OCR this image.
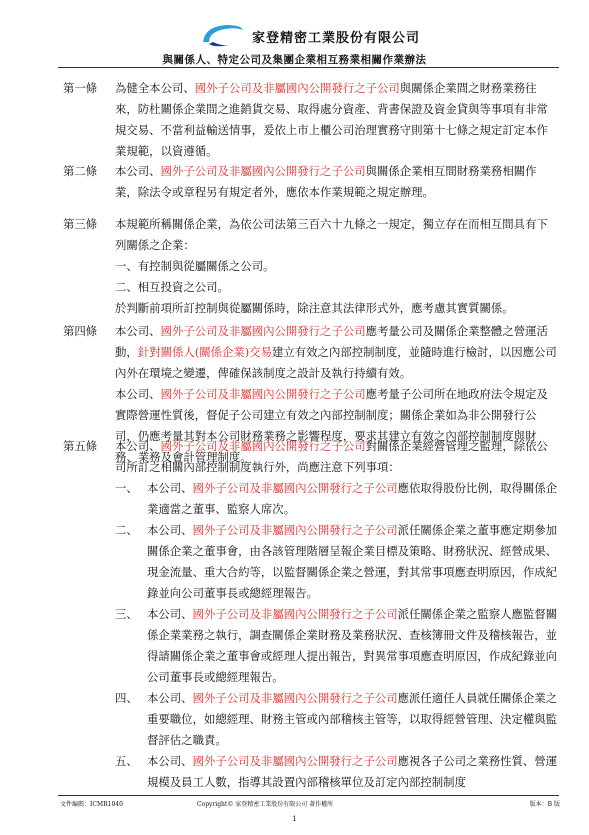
家登精密工業股份有限公司
與關係人、特定公司及集團企業相互務業相關作業辦法
第一條	為健全本公司、國外子公司及非屬國內公開發行之子公司與關係企業間之財務業務往來，防杜關係企業間之進銷貨交易、取得處分資產、背書保證及資金貸與等事項有非常規交易、不當利益輸送情事，爰依上市上櫃公司治理實務守則第十七條之規定訂定本作業規範，以資遵循。
第二條	本公司、國外子公司及非屬國內公開發行之子公司與關係企業相互間財務業務相關作業，除法令或章程另有規定者外，應依本作業規範之規定辦理。
第三條	本規範所稱關係企業，為依公司法第三百六十九條之一規定，獨立存在而相互間具有下列關係之企業：
一、有控制與從屬關係之公司。
二、相互投資之公司。
於判斷前項所訂控制與從屬關係時，除注意其法律形式外，應考慮其實質關係。
第四條	本公司、國外子公司及非屬國內公開發行之子公司應考量公司及關係企業整體之營運活動，針對關係人(關係企業)交易建立有效之內部控制制度，並隨時進行檢討，以因應公司內外在環境之變遷，俾確保該制度之設計及執行持續有效。
本公司、國外子公司及非屬國內公開發行之子公司應考量子公司所在地政府法令規定及實際營運性質後，督促子公司建立有效之內部控制制度；關係企業如為非公開發行公司，仍應考量其對本公司財務業務之影響程度，要求其建立有效之內部控制制度與財務、業務及會計管理制度。
第五條	本公司、國外子公司及非屬國內公開發行之子公司對關係企業經營管理之監理，除依公司所訂之相關內部控制制度執行外，尚應注意下列事項：
一、 本公司、國外子公司及非屬國內公開發行之子公司應依取得股份比例，取得關係企業適當之董事、監察人席次。
二、 本公司、國外子公司及非屬國內公開發行之子公司派任關係企業之董事應定期參加關係企業之董事會，由各該管理階層呈報企業目標及策略、財務狀況、經營成果、現金流量、重大合約等，以監督關係企業之營運，對其常事項應查明原因，作成紀錄並向公司董事長或總經理報告。
三、 本公司、國外子公司及非屬國內公開發行之子公司派任關係企業之監察人應監督關係企業業務之執行，調查關係企業財務及業務狀況、查核簿冊文件及稽核報告，並得請關係企業之董事會或經理人提出報告，對異常事項應查明原因，作成紀錄並向公司董事長或總經理報告。
四、 本公司、國外子公司及非屬國內公開發行之子公司應派任適任人員就任關係企業之重要職位，如總經理、財務主管或內部稽核主管等，以取得經營管理、決定權與監督評估之職責。
五、 本公司、國外子公司及非屬國內公開發行之子公司應視各子公司之業務性質、營運規模及員工人數，指導其設置內部稽核單位及訂定內部控制制度
文件編碼：ICMR1040	Copyright© 家登精密工業股份有限公司 著作權所	版本：B 版
1
